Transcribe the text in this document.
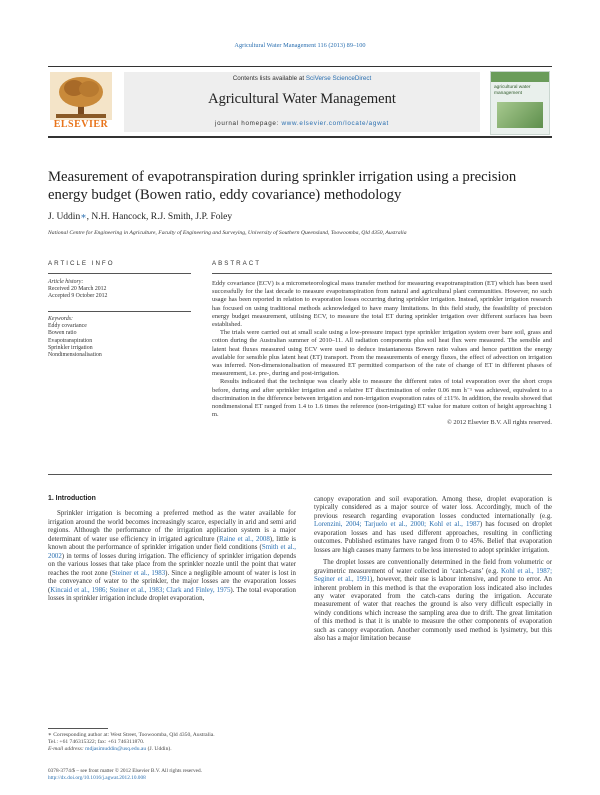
Agricultural Water Management 116 (2013) 89–100
ELSEVIER
Contents lists available at SciVerse ScienceDirect
Agricultural Water Management
journal homepage: www.elsevier.com/locate/agwat
agricultural water management
Measurement of evapotranspiration during sprinkler irrigation using a precision energy budget (Bowen ratio, eddy covariance) methodology
J. Uddin∗, N.H. Hancock, R.J. Smith, J.P. Foley
National Centre for Engineering in Agriculture, Faculty of Engineering and Surveying, University of Southern Queensland, Toowoomba, Qld 4350, Australia
ARTICLE INFO
Article history:
Received 20 March 2012
Accepted 9 October 2012
Keywords:
Eddy covariance
Bowen ratio
Evapotranspiration
Sprinkler irrigation
Nondimensionalisation
ABSTRACT

Eddy covariance (ECV) is a micrometeorological mass transfer method for measuring evapotranspiration (ET) which has been used successfully for the last decade to measure evapotranspiration from natural and agricultural plant communities. However, no such usage has been reported in relation to evaporation losses occurring during sprinkler irrigation. Instead, sprinkler irrigation research has focused on using traditional methods acknowledged to have many limitations. In this field study, the feasibility of precision energy budget measurement, utilising ECV, to measure the total ET during sprinkler irrigation over different surfaces has been established.

The trials were carried out at small scale using a low-pressure impact type sprinkler irrigation system over bare soil, grass and cotton during the Australian summer of 2010–11. All radiation components plus soil heat flux were measured. The sensible and latent heat fluxes measured using ECV were used to deduce instantaneous Bowen ratio values and hence partition the energy available for sensible plus latent heat (ET) transport. From the measurements of energy fluxes, the effect of advection on irrigation was inferred. Non-dimensionalisation of measured ET permitted comparison of the rate of change of ET in different phases of measurement, i.e. pre-, during and post-irrigation.

Results indicated that the technique was clearly able to measure the different rates of total evaporation over the short crops before, during and after sprinkler irrigation and a relative ET discrimination of order 0.06 mm h⁻¹ was achieved, equivalent to a discrimination in the difference between irrigation and non-irrigation evaporation rates of ±11%. In addition, the results showed that nondimensional ET ranged from 1.4 to 1.6 times the reference (non-irrigating) ET value for mature cotton of height approaching 1 m.

© 2012 Elsevier B.V. All rights reserved.
1. Introduction

Sprinkler irrigation is becoming a preferred method as the water available for irrigation around the world becomes increasingly scarce, especially in arid and semi arid regions. Although the performance of the irrigation application system is a major determinant of water use efficiency in irrigated agriculture (Raine et al., 2008), little is known about the performance of sprinkler irrigation under field conditions (Smith et al., 2002) in terms of losses during irrigation. The efficiency of sprinkler irrigation depends on the various losses that take place from the sprinkler nozzle until the point that water reaches the root zone (Steiner et al., 1983). Since a negligible amount of water is lost in the conveyance of water to the sprinkler, the major losses are the evaporation losses (Kincaid et al., 1986; Steiner et al., 1983; Clark and Finley, 1975). The total evaporation losses in sprinkler irrigation include droplet evaporation,

canopy evaporation and soil evaporation. Among these, droplet evaporation is typically considered as a major source of water loss. Accordingly, much of the previous research regarding evaporation losses conducted internationally (e.g. Lorenzini, 2004; Tarjuelo et al., 2000; Kohl et al., 1987) has focused on droplet evaporation losses and has used different approaches, resulting in conflicting outcomes. Published estimates have ranged from 0 to 45%. Belief that evaporation losses are high causes many farmers to be less interested to adopt sprinkler irrigation.

The droplet losses are conventionally determined in the field from volumetric or gravimetric measurement of water collected in ‘catch-cans’ (e.g. Kohl et al., 1987; Seginer et al., 1991), however, their use is labour intensive, and prone to error. An inherent problem in this method is that the evaporation loss indicated also includes any water evaporated from the catch-cans during the irrigation. Accurate measurement of water that reaches the ground is also very difficult especially in windy conditions which increase the sampling area due to drift. The great limitation of this method is that it is unable to measure the other components of evaporation such as canopy evaporation. Another commonly used method is lysimetry, but this also has a major limitation because

∗ Corresponding author at: West Street, Toowoomba, Qld 4350, Australia.
Tel.: +61 746315322; fax: +61 746311870.
E-mail address: mdjasimuddin@usq.edu.au (J. Uddin).
0378-3774/$ – see front matter © 2012 Elsevier B.V. All rights reserved.
http://dx.doi.org/10.1016/j.agwat.2012.10.008
